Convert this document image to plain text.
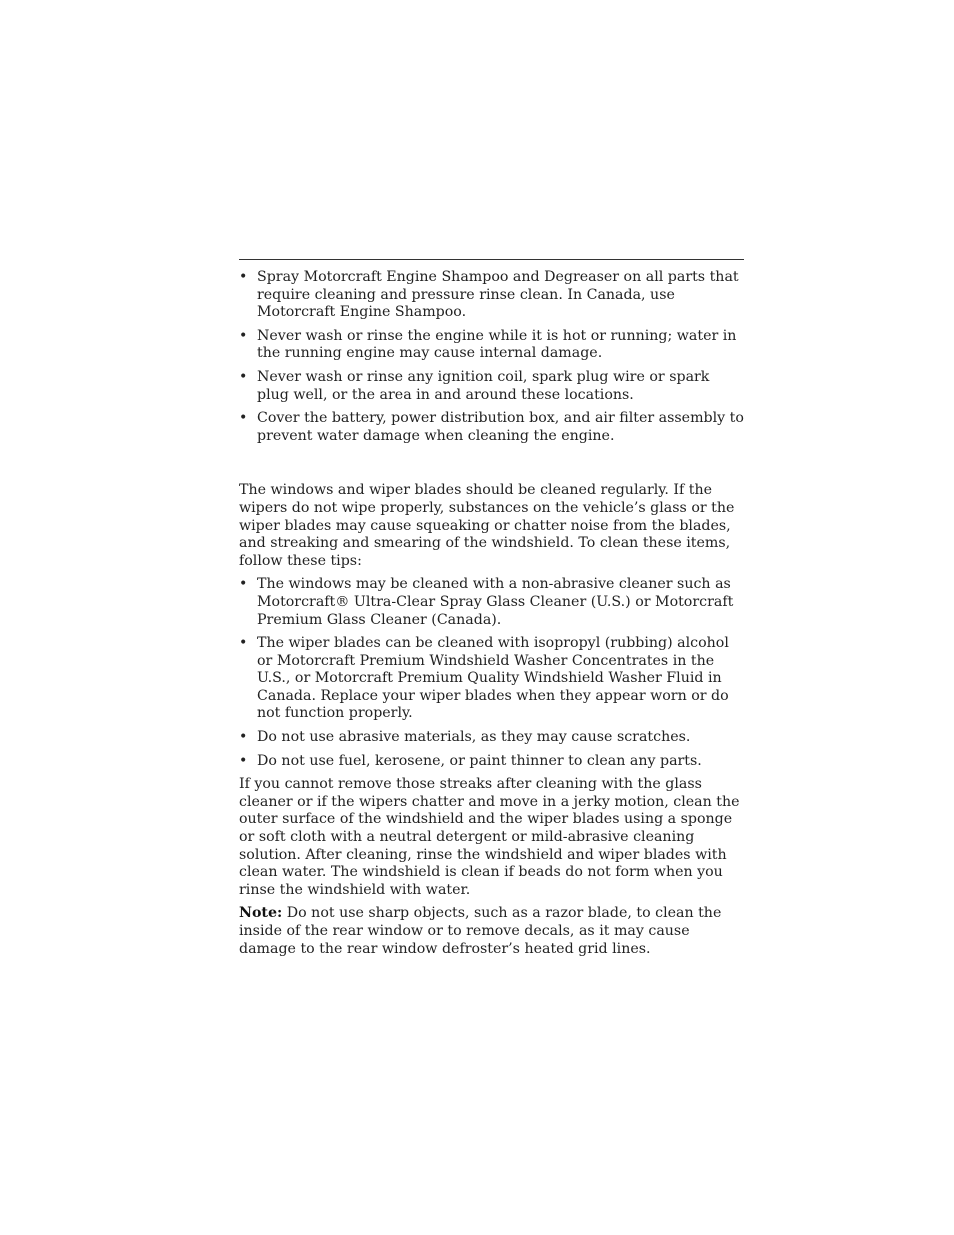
• Spray Motorcraft Engine Shampoo and Degreaser on all parts that require cleaning and pressure rinse clean. In Canada, use Motorcraft Engine Shampoo.
• Never wash or rinse the engine while it is hot or running; water in the running engine may cause internal damage.
• Never wash or rinse any ignition coil, spark plug wire or spark plug well, or the area in and around these locations.
• Cover the battery, power distribution box, and air filter assembly to prevent water damage when cleaning the engine.

The windows and wiper blades should be cleaned regularly. If the wipers do not wipe properly, substances on the vehicle’s glass or the wiper blades may cause squeaking or chatter noise from the blades, and streaking and smearing of the windshield. To clean these items, follow these tips:

• The windows may be cleaned with a non-abrasive cleaner such as Motorcraft® Ultra-Clear Spray Glass Cleaner (U.S.) or Motorcraft Premium Glass Cleaner (Canada).
• The wiper blades can be cleaned with isopropyl (rubbing) alcohol or Motorcraft Premium Windshield Washer Concentrates in the U.S., or Motorcraft Premium Quality Windshield Washer Fluid in Canada. Replace your wiper blades when they appear worn or do not function properly.
• Do not use abrasive materials, as they may cause scratches.
• Do not use fuel, kerosene, or paint thinner to clean any parts.

If you cannot remove those streaks after cleaning with the glass cleaner or if the wipers chatter and move in a jerky motion, clean the outer surface of the windshield and the wiper blades using a sponge or soft cloth with a neutral detergent or mild-abrasive cleaning solution. After cleaning, rinse the windshield and wiper blades with clean water. The windshield is clean if beads do not form when you rinse the windshield with water.

Note: Do not use sharp objects, such as a razor blade, to clean the inside of the rear window or to remove decals, as it may cause damage to the rear window defroster’s heated grid lines.
